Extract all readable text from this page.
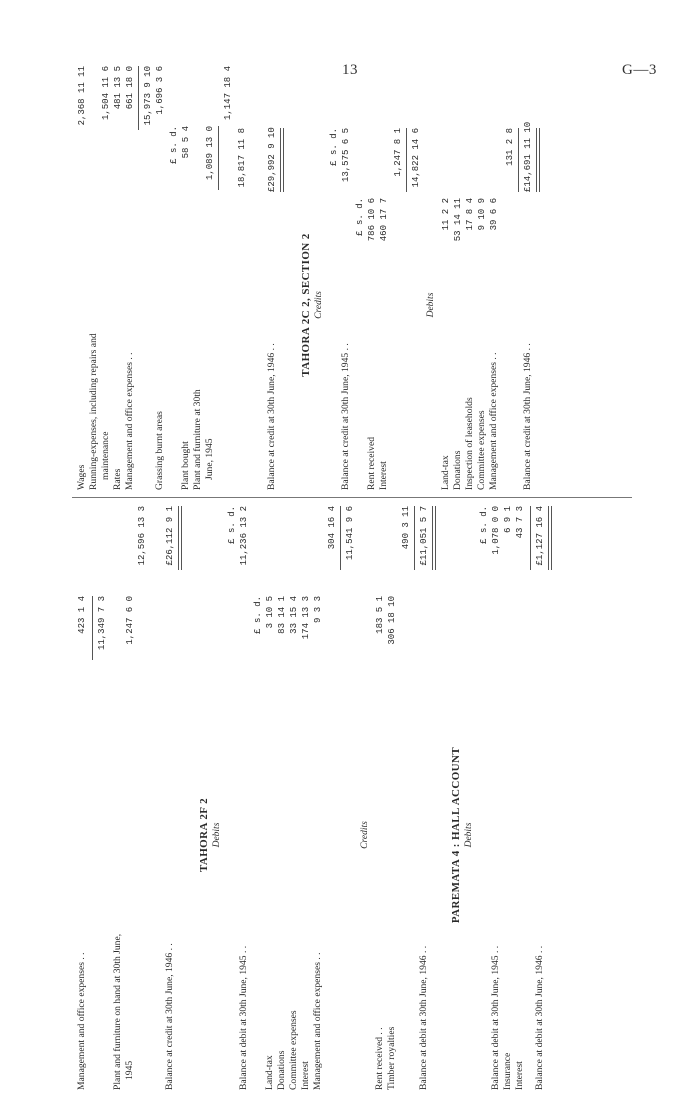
13	G—3
Management and office expenses . .
423 1 4 11,349 7 3
Plant and furniture on hand at 30th June, 1945
1,247 6 0
12,596 13 3
Balance at credit at 30th June, 1946 . .
£26,112 9 1
TAHORA 2F 2 Debits
£ s. d.
Balance at debit at 30th June, 1945 . .
11,236 13 2
£ s. d.
Land-tax
3 10 5
Donations
83 14 1
Committee expenses
33 15 4
Interest
174 13 3
Management and office expenses . .
9 3 3
304 16 4 11,541 9 6
Credits
Rent received . .
183 5 1
Timber royalties
306 18 10
490 3 11
Balance at debit at 30th June, 1946 . .
£11,051 5 7
PAREMATA 4 : HALL ACCOUNT Debits
£ s. d.
Balance at debit at 30th June, 1945 . .
1,078 0 0
Insurance
6 9 1
Interest
43 7 3
Balance at debit at 30th June, 1946 . .
£1,127 16 4
Wages
2,368 11 11
Running-expenses, including repairs and maintenance
1,504 11 6
Rates
481 13 5
Management and office expenses . .
661 18 0 15,973 9 10
Grassing burnt areas
1,696 3 6
£ s. d.
Plant bought
58 5 4
Plant and furniture at 30th June, 1945
1,089 13 0
1,147 18 4
18,817 11 8
Balance at credit at 30th June, 1946 . .
£29,992 9 10
TAHORA 2C 2, SECTION 2 Credits
£ s. d.
Balance at credit at 30th June, 1945 . .
13,575 6 5
£ s. d.
Rent received
786 10 6
Interest
460 17 7
1,247 8 1 14,822 14 6
Debits
Land-tax
11 2 2
Donations
53 14 11
Inspection of leaseholds
17 8 4
Committee expenses
9 10 9
Management and office expenses . .
39 6 6
131 2 8
Balance at credit at 30th June, 1946 . .
£14,691 11 10
